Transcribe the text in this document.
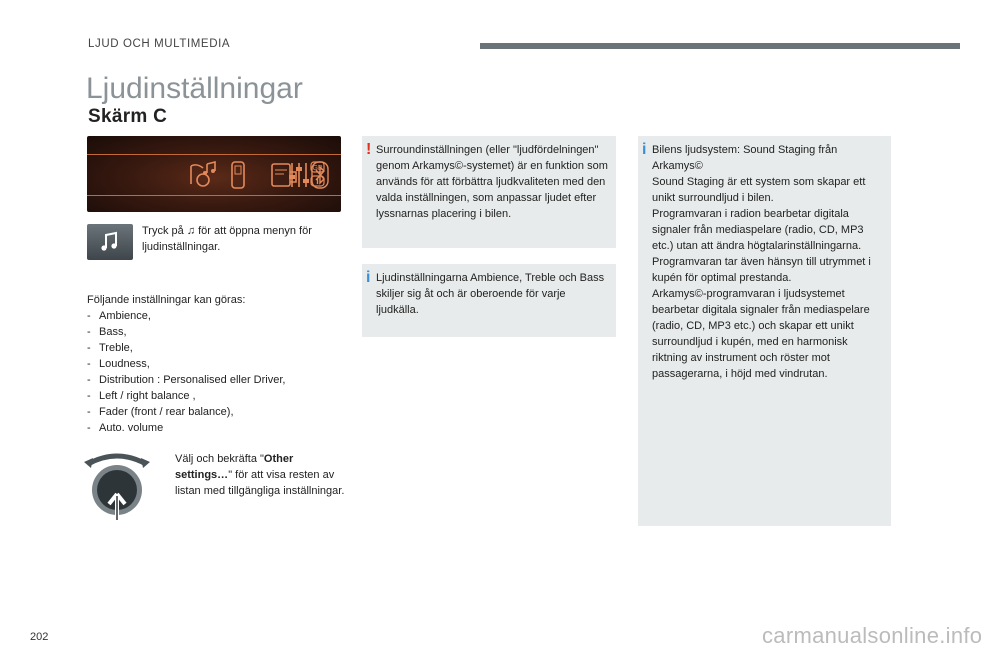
LJUD OCH MULTIMEDIA
Ljudinställningar
Skärm C
GB

Tryck på ♫ för att öppna menyn för ljudinställningar.

Följande inställningar kan göras:

- Ambience,
- Bass,
- Treble,
- Loudness,
- Distribution : Personalised eller Driver,
- Left / right balance ,
- Fader (front / rear balance),
- Auto. volume

Välj och bekräfta "Other settings…" för att visa resten av listan med tillgängliga inställningar.

! Surroundinställningen (eller "ljudfördelningen" genom Arkamys©-systemet) är en funktion som används för att förbättra ljudkvaliteten med den valda inställningen, som anpassar ljudet efter lyssnarnas placering i bilen.
i Ljudinställningarna Ambience, Treble och Bass skiljer sig åt och är oberoende för varje ljudkälla.
i Bilens ljudsystem: Sound Staging från Arkamys©
Sound Staging är ett system som skapar ett unikt surroundljud i bilen.
Programvaran i radion bearbetar digitala signaler från mediaspelare (radio, CD, MP3 etc.) utan att ändra högtalarinställningarna. Programvaran tar även hänsyn till utrymmet i kupén för optimal prestanda.
Arkamys©-programvaran i ljudsystemet bearbetar digitala signaler från mediaspelare (radio, CD, MP3 etc.) och skapar ett unikt surroundljud i kupén, med en harmonisk riktning av instrument och röster mot passagerarna, i höjd med vindrutan.
202	carmanualsonline.info
